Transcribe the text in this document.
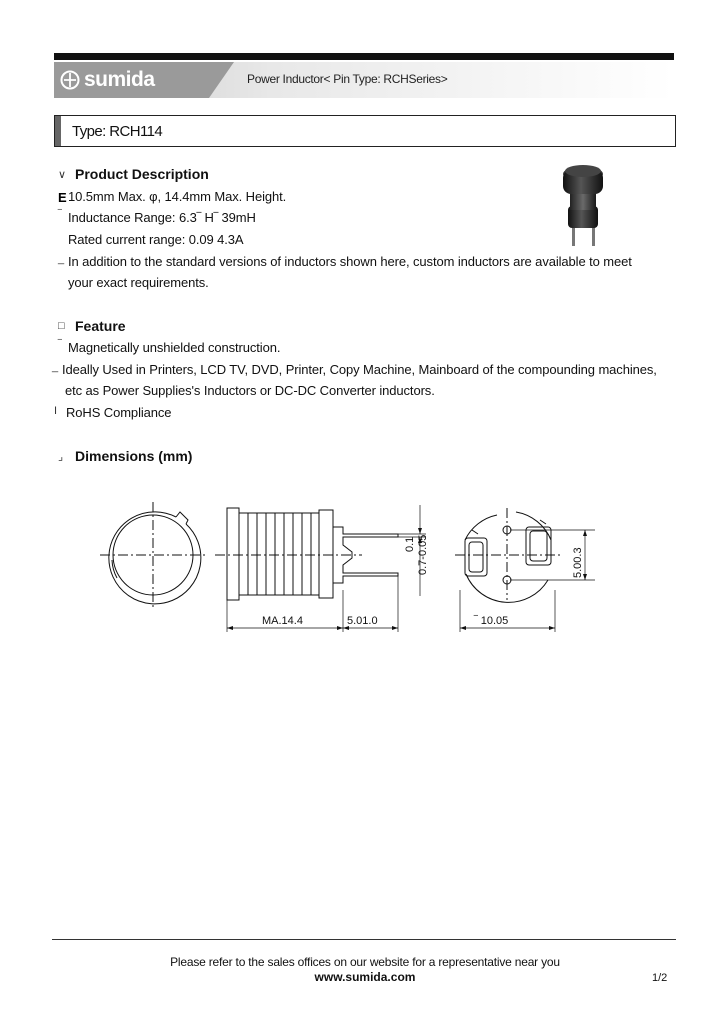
sumida	Power Inductor< Pin Type: RCHSeries>
Type: RCH114
∨ Product Description
E 10.5mm Max. φ, 14.4mm Max. Height.
‾ Inductance Range: 6.3‾ H‾ 39mH
Rated current range: 0.09 4.3A
_ In addition to the standard versions of inductors shown here, custom inductors are available to meet
your exact requirements.
□ Feature
‾ Magnetically unshielded construction.
_ Ideally Used in Printers, LCD TV, DVD, Printer, Copy Machine, Mainboard of the compounding machines,
etc as Power Supplies's Inductors or DC-DC Converter inductors.
I RoHS Compliance
⌟ Dimensions (mm)
MA.14.4	5.01.0	‾ 10.05
0.1 0.7-0.05	5.00.3
Please refer to the sales offices on our website for a representative near you
www.sumida.com	1/2
